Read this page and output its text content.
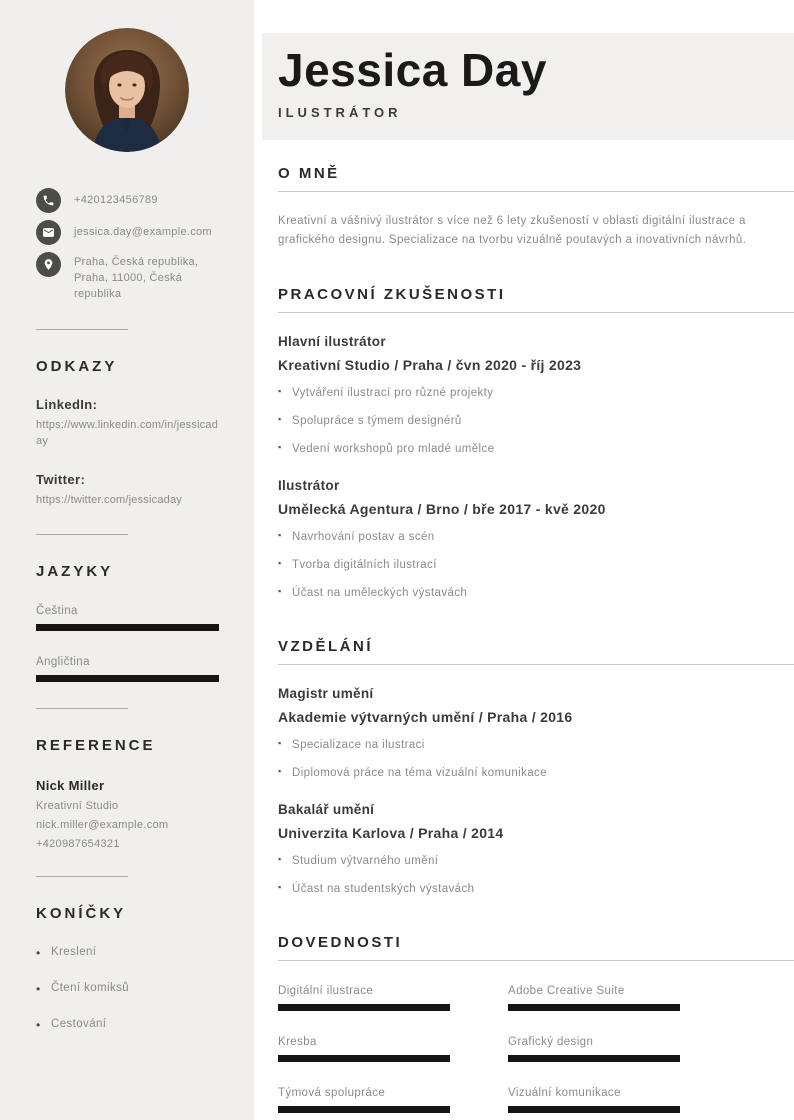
+420123456789
jessica.day@example.com
Praha, Česká republika,
Praha, 11000, Česká
republika
ODKAZY
LinkedIn:
https://www.linkedin.com/in/jessicaday
Twitter:
https://twitter.com/jessicaday
JAZYKY
Čeština
Angličtina
REFERENCE
Nick Miller
Kreativní Studio
nick.miller@example.com
+420987654321
KONÍČKY
• Kreslení
• Čtení komiksů
• Cestování
Jessica Day
ILUSTRÁTOR
O MNĚ

Kreativní a vášnivý ilustrátor s více než 6 lety zkušeností v oblasti digitální ilustrace a grafického designu. Specializace na tvorbu vizuálně poutavých a inovativních návrhů.

PRACOVNÍ ZKUŠENOSTI
Hlavní ilustrátor
Kreativní Studio / Praha / čvn 2020 - říj 2023
▪ Vytváření ilustrací pro různé projekty
▪ Spolupráce s týmem designérů
▪ Vedení workshopů pro mladé umělce
Ilustrátor
Umělecká Agentura / Brno / bře 2017 - kvě 2020
▪ Navrhování postav a scén
▪ Tvorba digitálních ilustrací
▪ Účast na uměleckých výstavách
VZDĚLÁNÍ
Magistr umění
Akademie výtvarných umění / Praha / 2016
▪ Specializace na ilustraci
▪ Diplomová práce na téma vizuální komunikace
Bakalář umění
Univerzita Karlova / Praha / 2014
▪ Studium výtvarného umění
▪ Účast na studentských výstavách
DOVEDNOSTI
Digitální ilustrace	Adobe Creative Suite
Kresba	Grafický design
Týmová spolupráce	Vizuální komunikace
